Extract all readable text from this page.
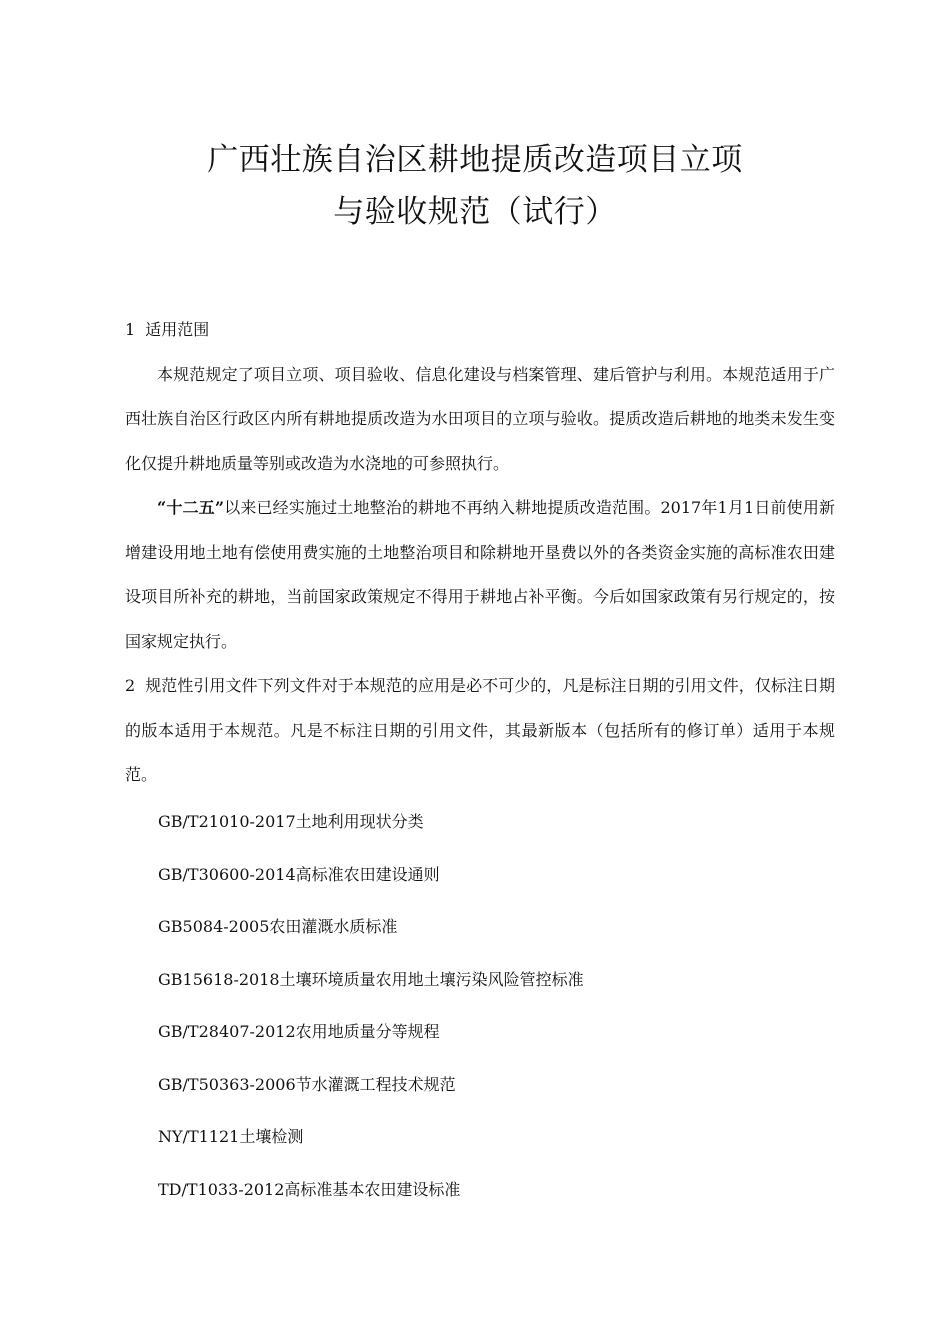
广西壮族自治区耕地提质改造项目立项
与验收规范（试行）

1 适用范围

本规范规定了项目立项、项目验收、信息化建设与档案管理、建后管护与利用。本规范适用于广西壮族自治区行政区内所有耕地提质改造为水田项目的立项与验收。提质改造后耕地的地类未发生变化仅提升耕地质量等别或改造为水浇地的可参照执行。

“十二五”以来已经实施过土地整治的耕地不再纳入耕地提质改造范围。2017年1月1日前使用新增建设用地土地有偿使用费实施的土地整治项目和除耕地开垦费以外的各类资金实施的高标准农田建设项目所补充的耕地，当前国家政策规定不得用于耕地占补平衡。今后如国家政策有另行规定的，按国家规定执行。

2 规范性引用文件下列文件对于本规范的应用是必不可少的，凡是标注日期的引用文件，仅标注日期的版本适用于本规范。凡是不标注日期的引用文件，其最新版本（包括所有的修订单）适用于本规范。

GB/T21010-2017土地利用现状分类
GB/T30600-2014高标准农田建设通则
GB5084-2005农田灌溉水质标准
GB15618-2018土壤环境质量农用地土壤污染风险管控标准
GB/T28407-2012农用地质量分等规程
GB/T50363-2006节水灌溉工程技术规范
NY/T1121土壤检测
TD/T1033-2012高标准基本农田建设标准
